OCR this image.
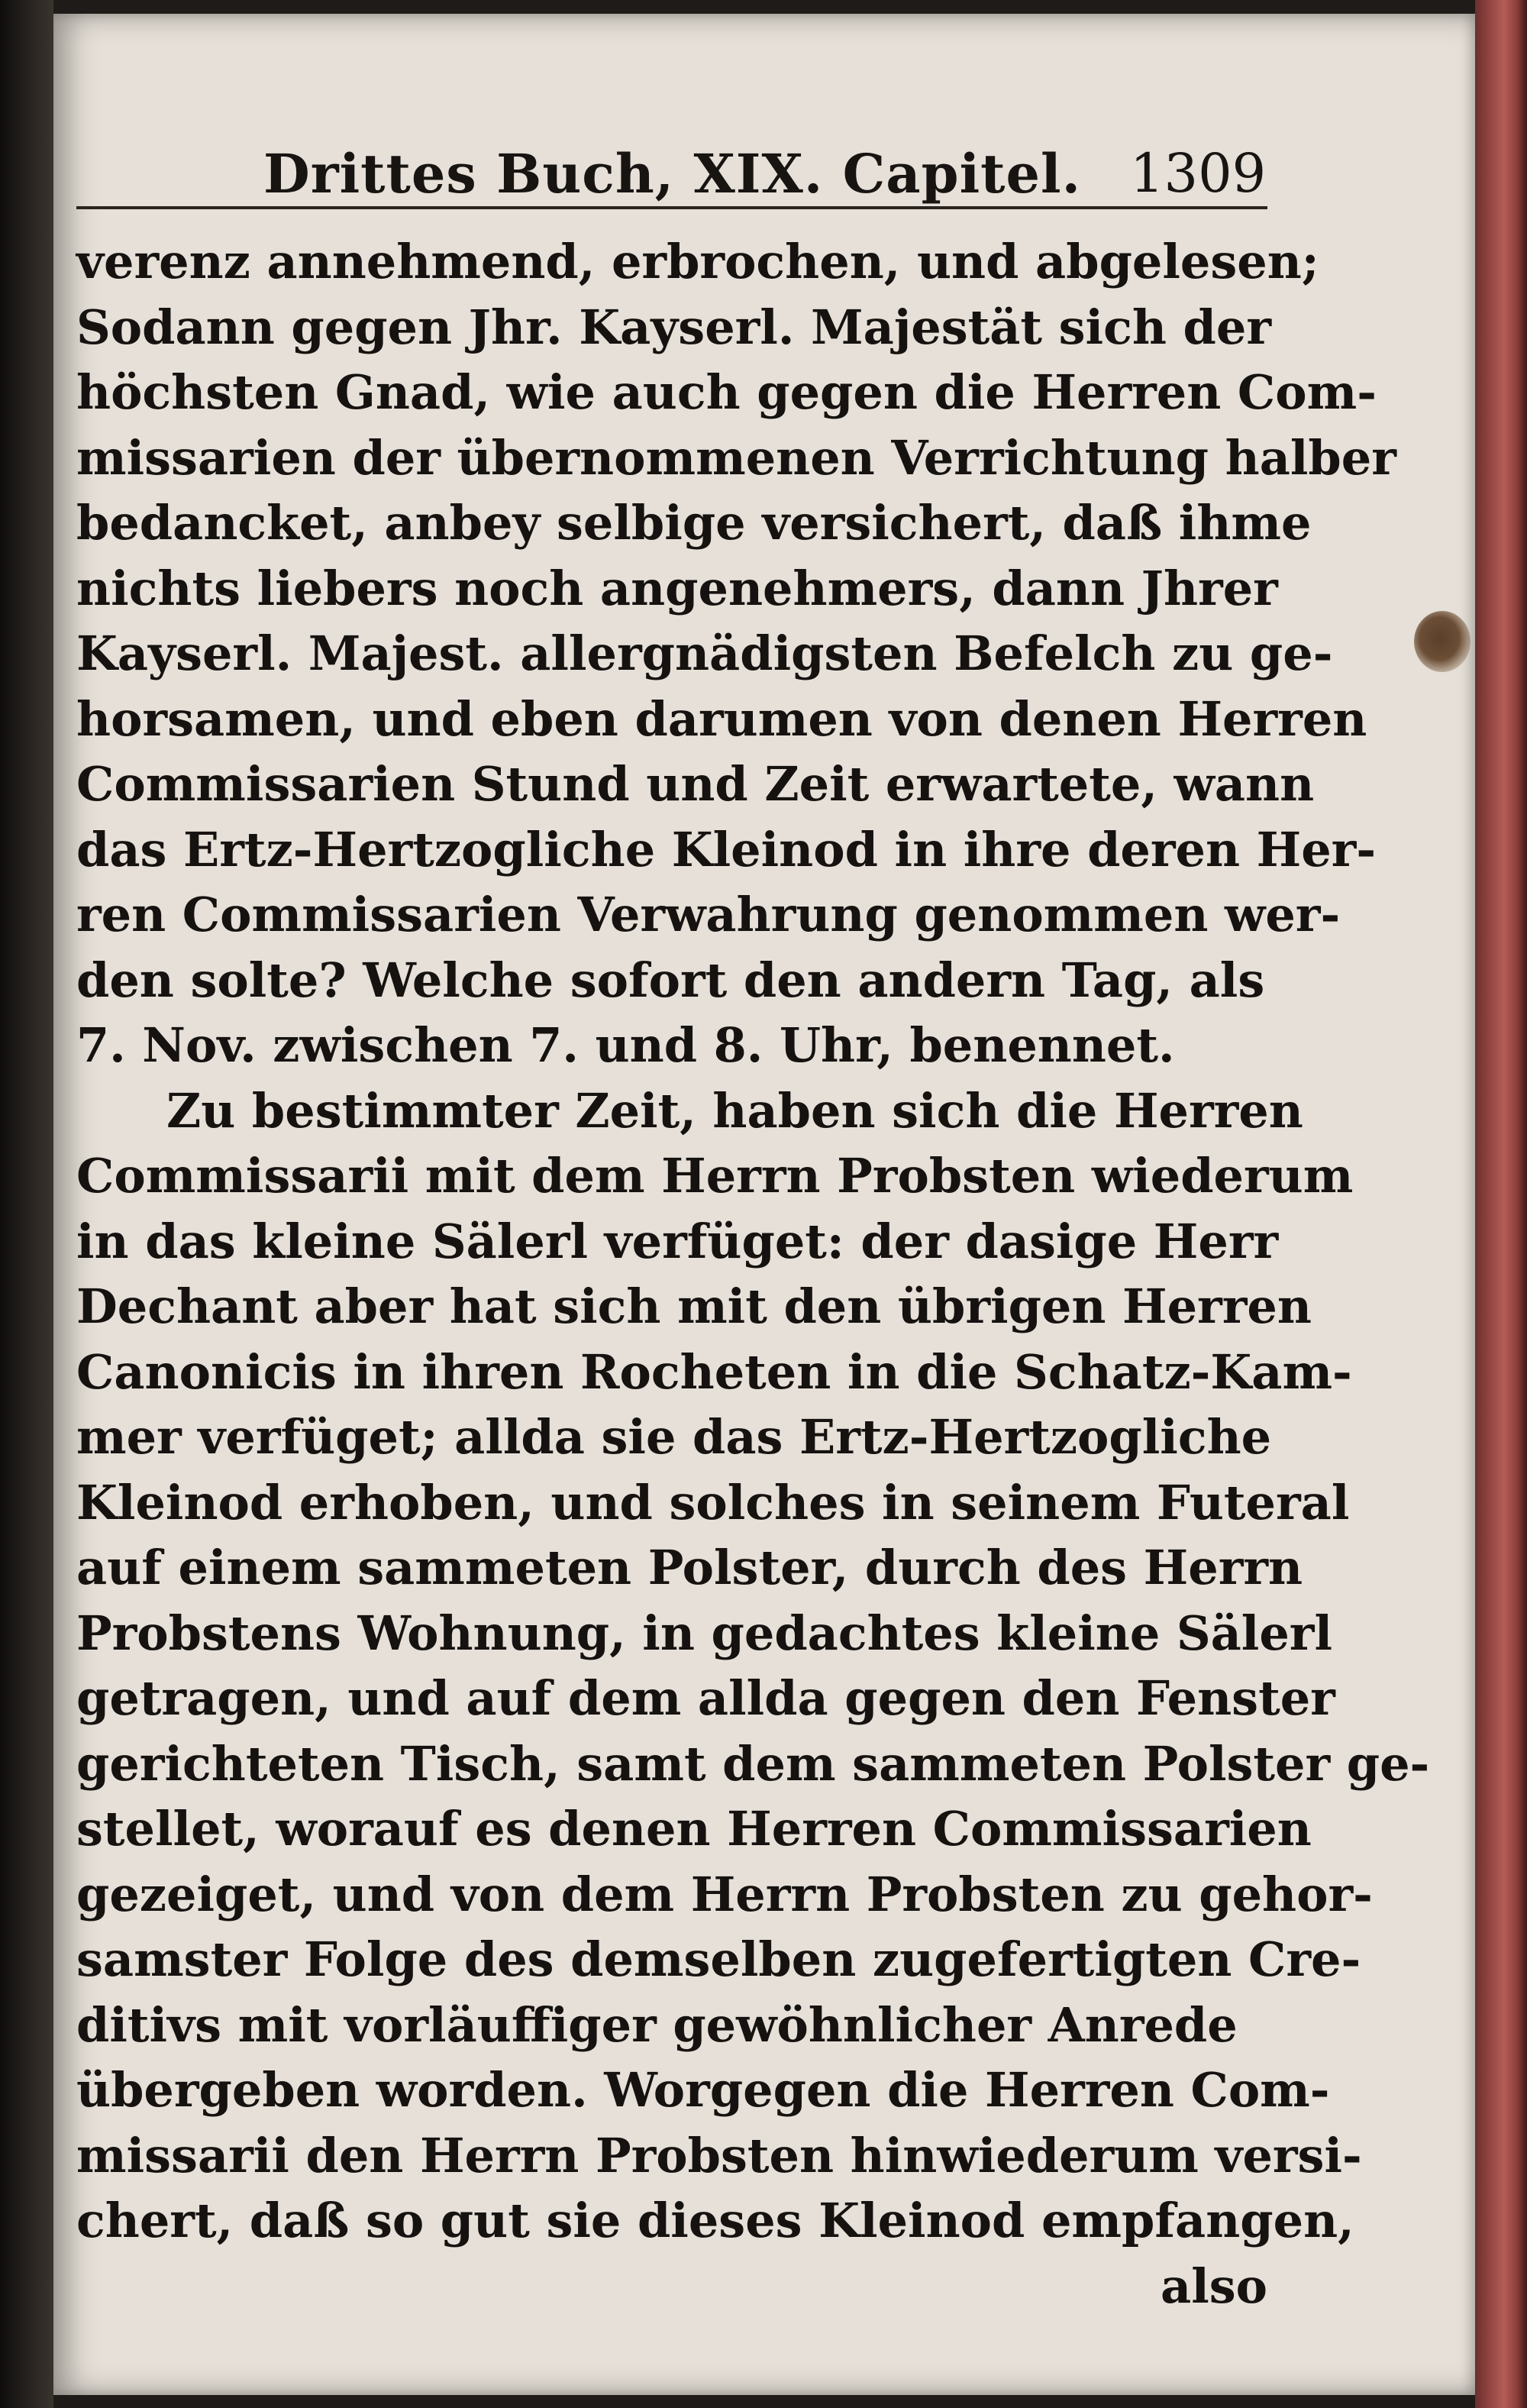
Drittes Buch, XIX. Capitel. 1309
verenz annehmend, erbrochen, und abgelesen;
Sodann gegen Jhr. Kayserl. Majestät sich der
höchsten Gnad, wie auch gegen die Herren Com-
missarien der übernommenen Verrichtung halber
bedancket, anbey selbige versichert, daß ihme
nichts liebers noch angenehmers, dann Jhrer
Kayserl. Majest. allergnädigsten Befelch zu ge-
horsamen, und eben darumen von denen Herren
Commissarien Stund und Zeit erwartete, wann
das Ertz-Hertzogliche Kleinod in ihre deren Her-
ren Commissarien Verwahrung genommen wer-
den solte? Welche sofort den andern Tag, als
7. Nov. zwischen 7. und 8. Uhr, benennet.
Zu bestimmter Zeit, haben sich die Herren
Commissarii mit dem Herrn Probsten wiederum
in das kleine Sälerl verfüget: der dasige Herr
Dechant aber hat sich mit den übrigen Herren
Canonicis in ihren Rocheten in die Schatz-Kam-
mer verfüget; allda sie das Ertz-Hertzogliche
Kleinod erhoben, und solches in seinem Futeral
auf einem sammeten Polster, durch des Herrn
Probstens Wohnung, in gedachtes kleine Sälerl
getragen, und auf dem allda gegen den Fenster
gerichteten Tisch, samt dem sammeten Polster ge-
stellet, worauf es denen Herren Commissarien
gezeiget, und von dem Herrn Probsten zu gehor-
samster Folge des demselben zugefertigten Cre-
ditivs mit vorläuffiger gewöhnlicher Anrede
übergeben worden. Worgegen die Herren Com-
missarii den Herrn Probsten hinwiederum versi-
chert, daß so gut sie dieses Kleinod empfangen,
also
